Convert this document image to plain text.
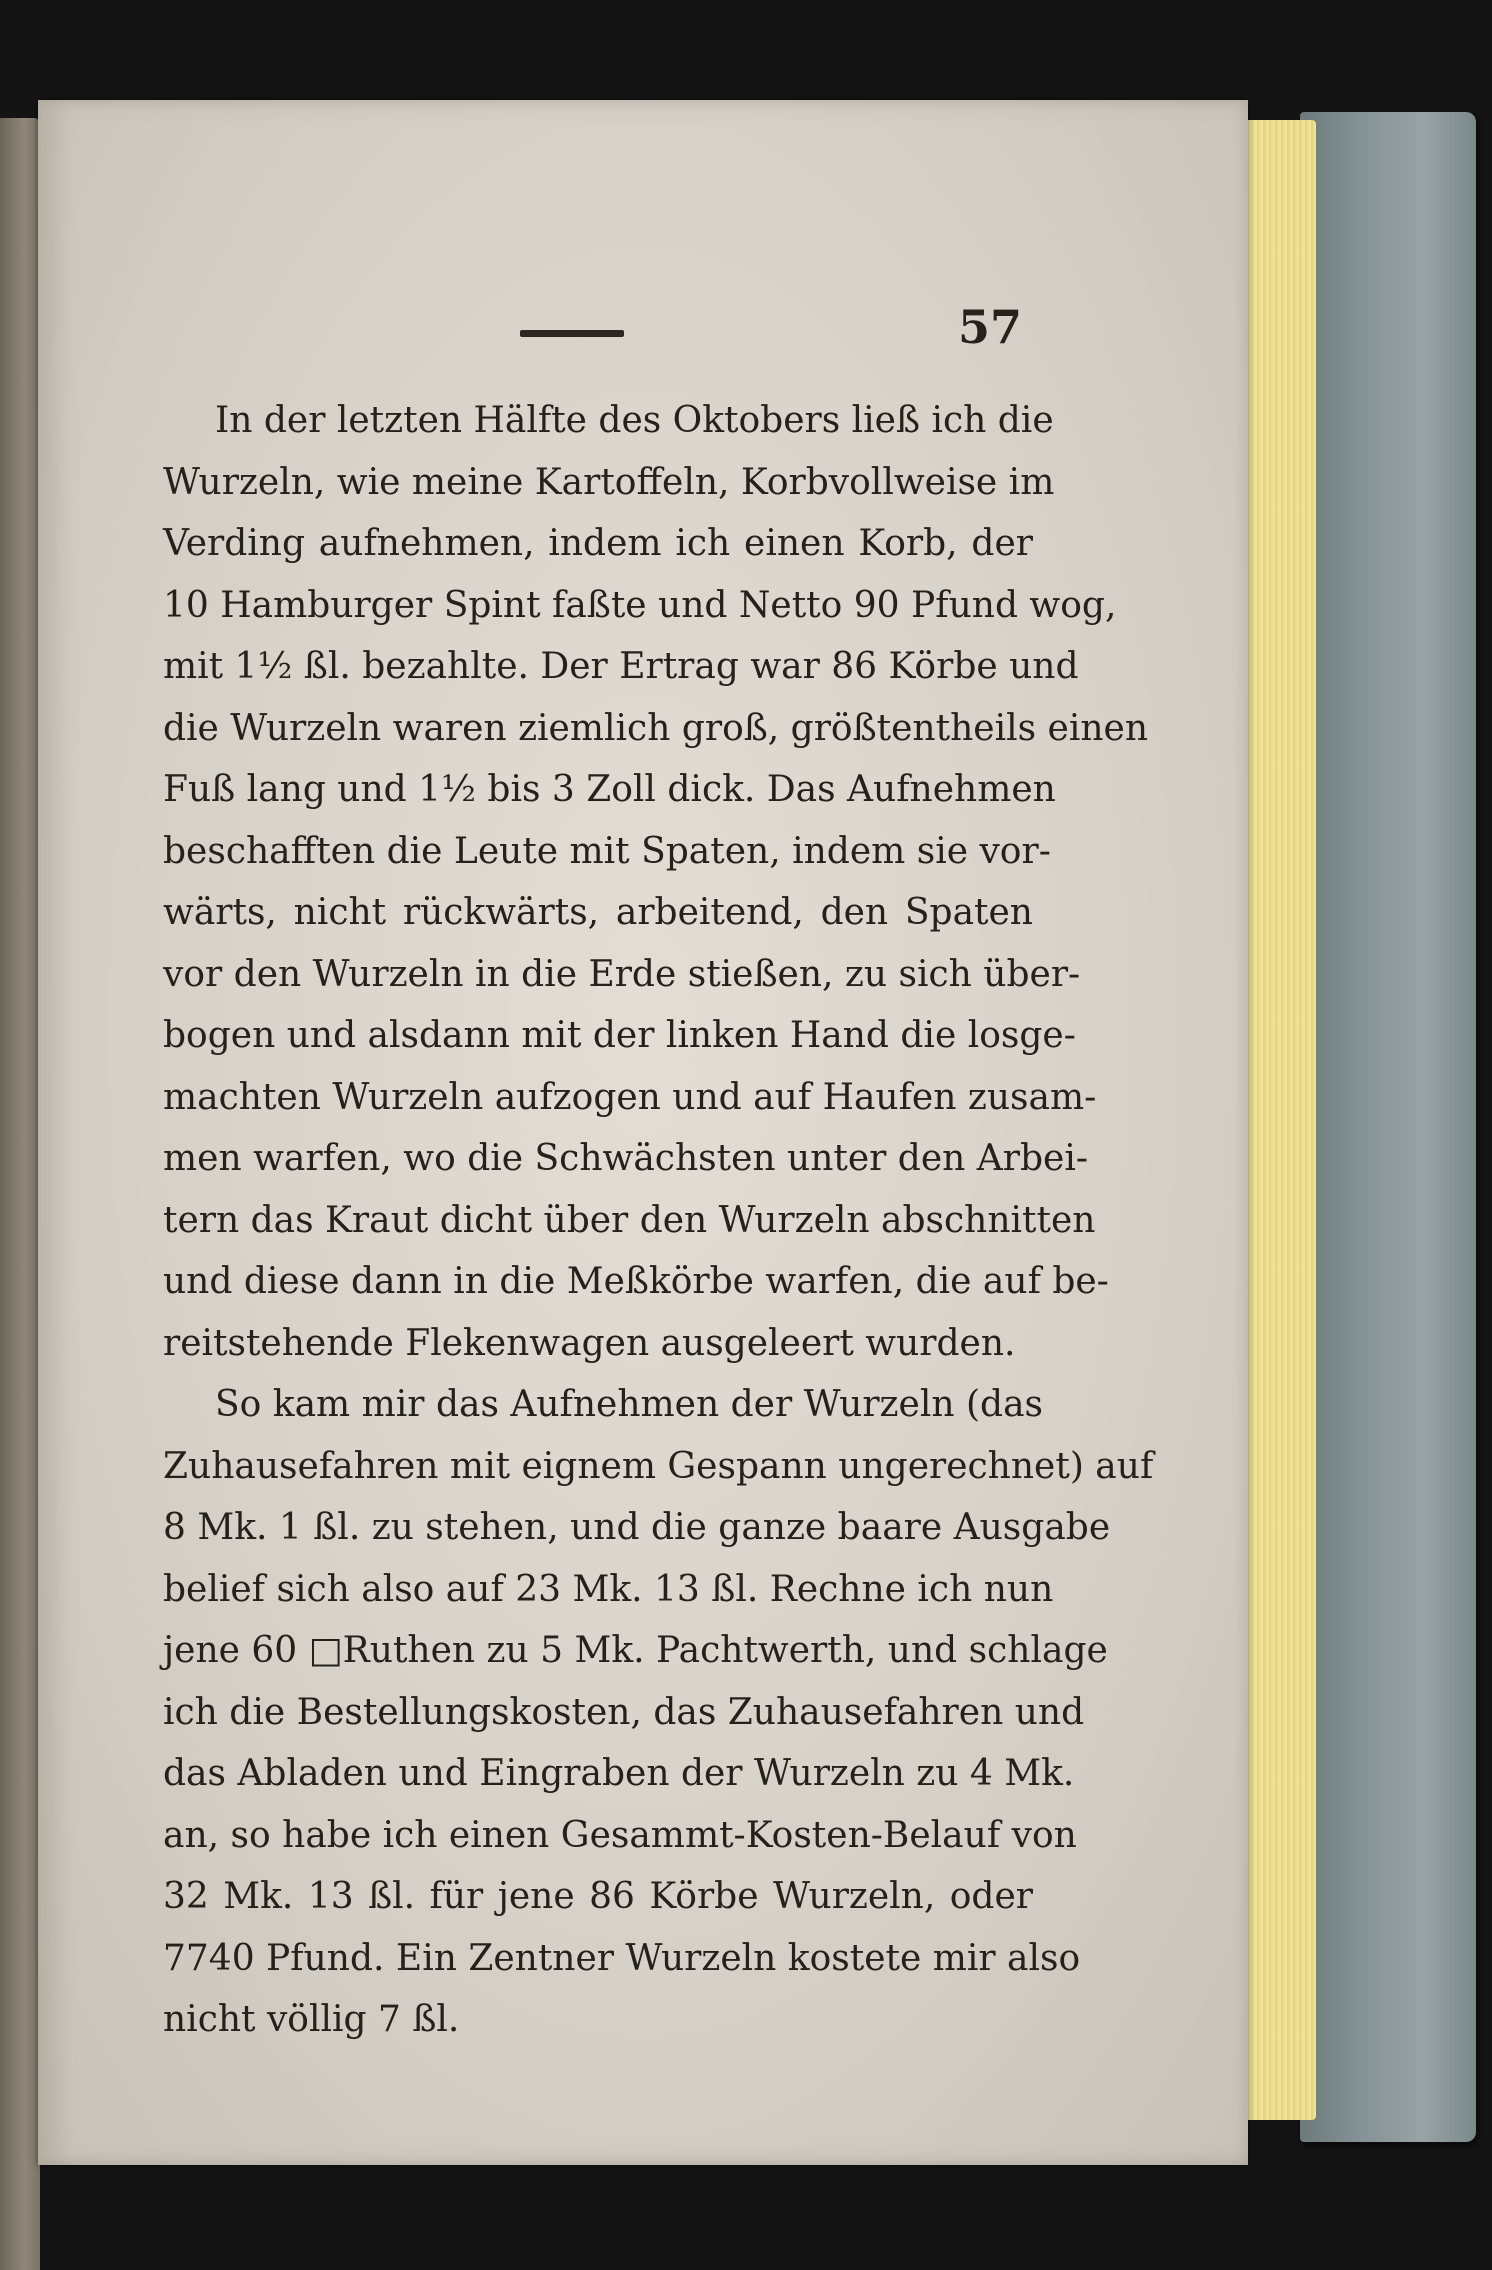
57
In der letzten Hälfte des Oktobers ließ ich die
Wurzeln, wie meine Kartoffeln, Korbvollweise im
Verding aufnehmen, indem ich einen Korb, der
10 Hamburger Spint faßte und Netto 90 Pfund wog,
mit 1½ ßl. bezahlte. Der Ertrag war 86 Körbe und
die Wurzeln waren ziemlich groß, größtentheils einen
Fuß lang und 1½ bis 3 Zoll dick. Das Aufnehmen
beschafften die Leute mit Spaten, indem sie vor-
wärts, nicht rückwärts, arbeitend, den Spaten
vor den Wurzeln in die Erde stießen, zu sich über-
bogen und alsdann mit der linken Hand die losge-
machten Wurzeln aufzogen und auf Haufen zusam-
men warfen, wo die Schwächsten unter den Arbei-
tern das Kraut dicht über den Wurzeln abschnitten
und diese dann in die Meßkörbe warfen, die auf be-
reitstehende Flekenwagen ausgeleert wurden.
So kam mir das Aufnehmen der Wurzeln (das
Zuhausefahren mit eignem Gespann ungerechnet) auf
8 Mk. 1 ßl. zu stehen, und die ganze baare Ausgabe
belief sich also auf 23 Mk. 13 ßl. Rechne ich nun
jene 60 □Ruthen zu 5 Mk. Pachtwerth, und schlage
ich die Bestellungskosten, das Zuhausefahren und
das Abladen und Eingraben der Wurzeln zu 4 Mk.
an, so habe ich einen Gesammt-Kosten-Belauf von
32 Mk. 13 ßl. für jene 86 Körbe Wurzeln, oder
7740 Pfund. Ein Zentner Wurzeln kostete mir also
nicht völlig 7 ßl.
